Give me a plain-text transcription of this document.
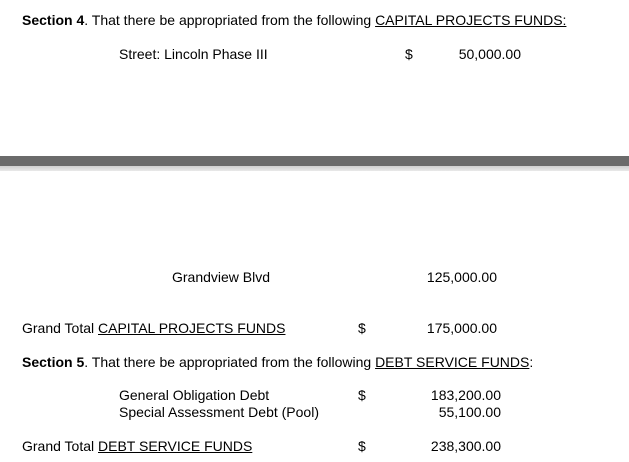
Section 4. That there be appropriated from the following CAPITAL PROJECTS FUNDS:
Street: Lincoln Phase III	$	50,000.00
Grandview Blvd	125,000.00
Grand Total CAPITAL PROJECTS FUNDS	$	175,000.00
Section 5. That there be appropriated from the following DEBT SERVICE FUNDS:
General Obligation Debt	$	183,200.00
Special Assessment Debt (Pool)	55,100.00
Grand Total DEBT SERVICE FUNDS	$	238,300.00
